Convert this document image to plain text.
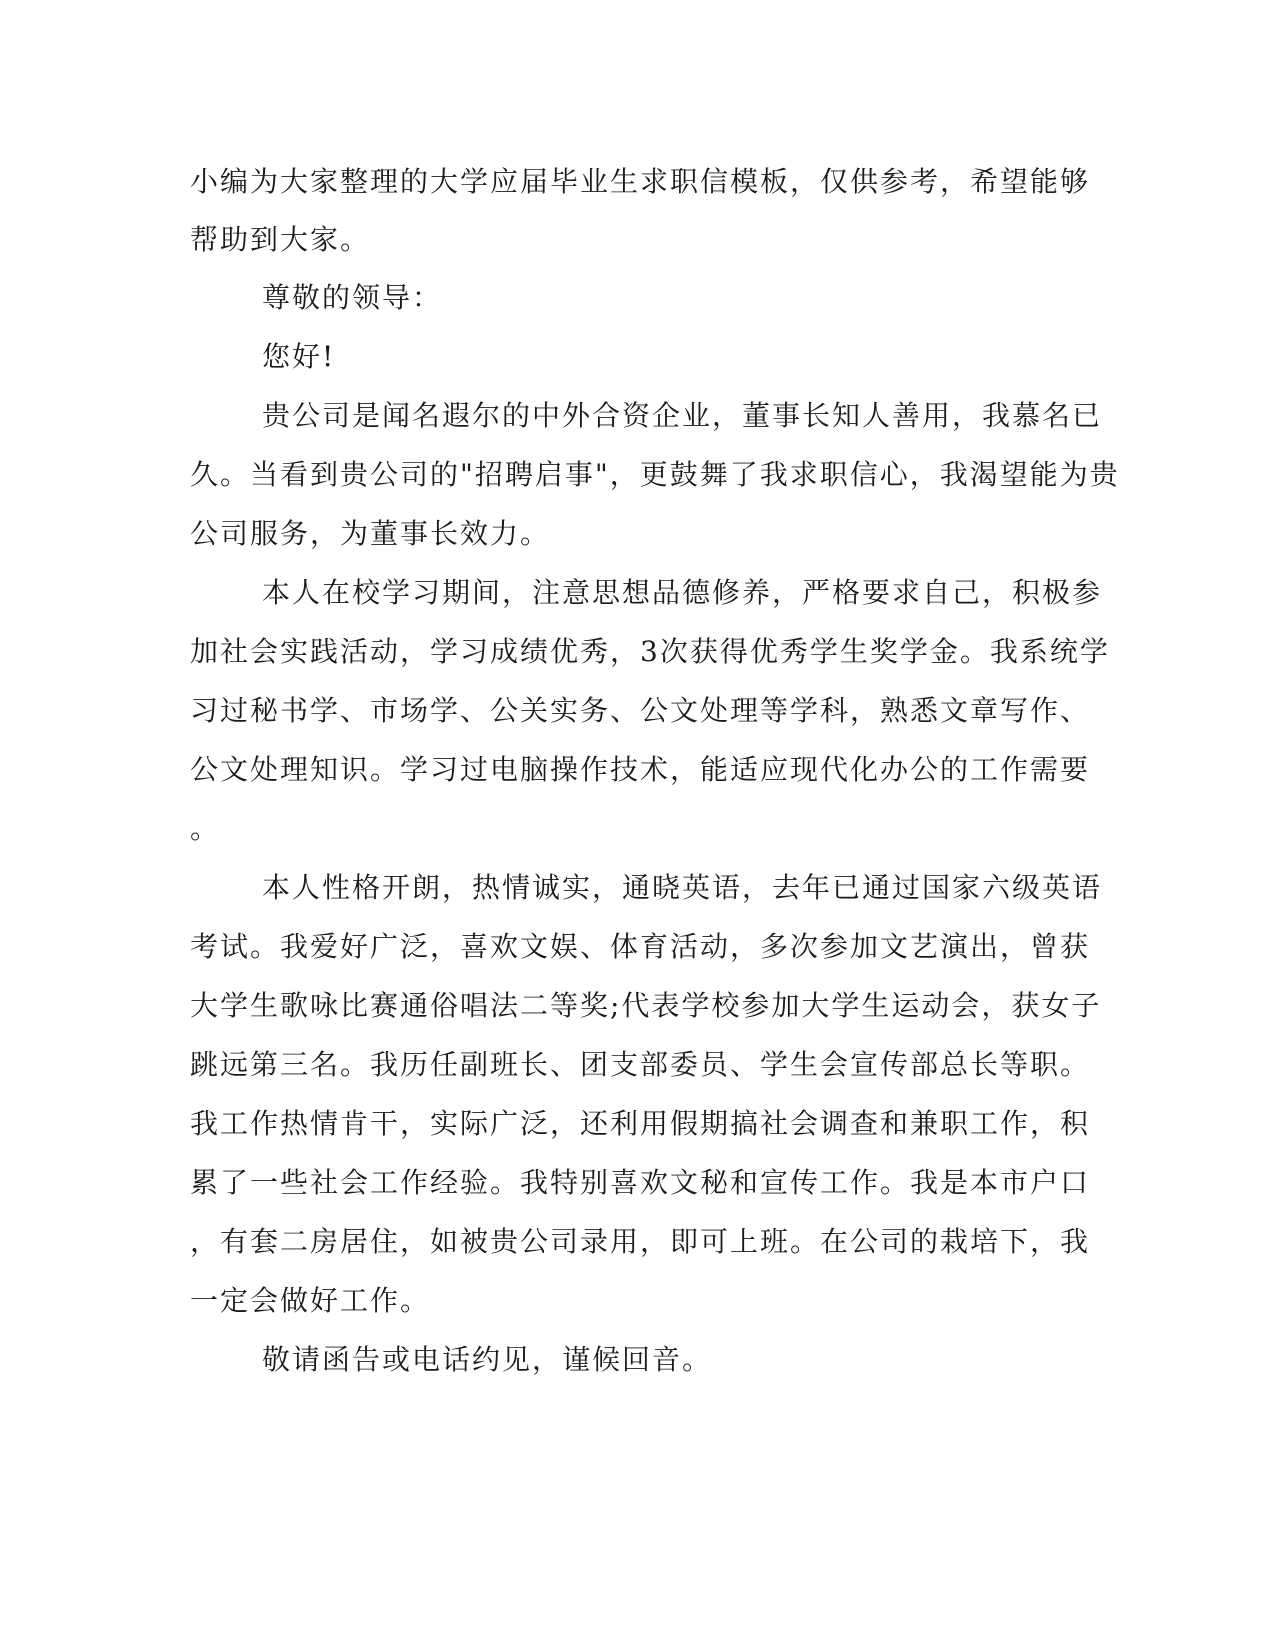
小编为大家整理的大学应届毕业生求职信模板，仅供参考，希望能够
帮助到大家。
尊敬的领导：
您好!
贵公司是闻名遐尔的中外合资企业，董事长知人善用，我慕名已
久。当看到贵公司的"招聘启事"，更鼓舞了我求职信心，我渴望能为贵
公司服务，为董事长效力。
本人在校学习期间，注意思想品德修养，严格要求自己，积极参
加社会实践活动，学习成绩优秀，3次获得优秀学生奖学金。我系统学
习过秘书学、市场学、公关实务、公文处理等学科，熟悉文章写作、
公文处理知识。学习过电脑操作技术，能适应现代化办公的工作需要
。
本人性格开朗，热情诚实，通晓英语，去年已通过国家六级英语
考试。我爱好广泛，喜欢文娱、体育活动，多次参加文艺演出，曾获
大学生歌咏比赛通俗唱法二等奖;代表学校参加大学生运动会，获女子
跳远第三名。我历任副班长、团支部委员、学生会宣传部总长等职。
我工作热情肯干，实际广泛，还利用假期搞社会调查和兼职工作，积
累了一些社会工作经验。我特别喜欢文秘和宣传工作。我是本市户口
，有套二房居住，如被贵公司录用，即可上班。在公司的栽培下，我
一定会做好工作。
敬请函告或电话约见，谨候回音。
